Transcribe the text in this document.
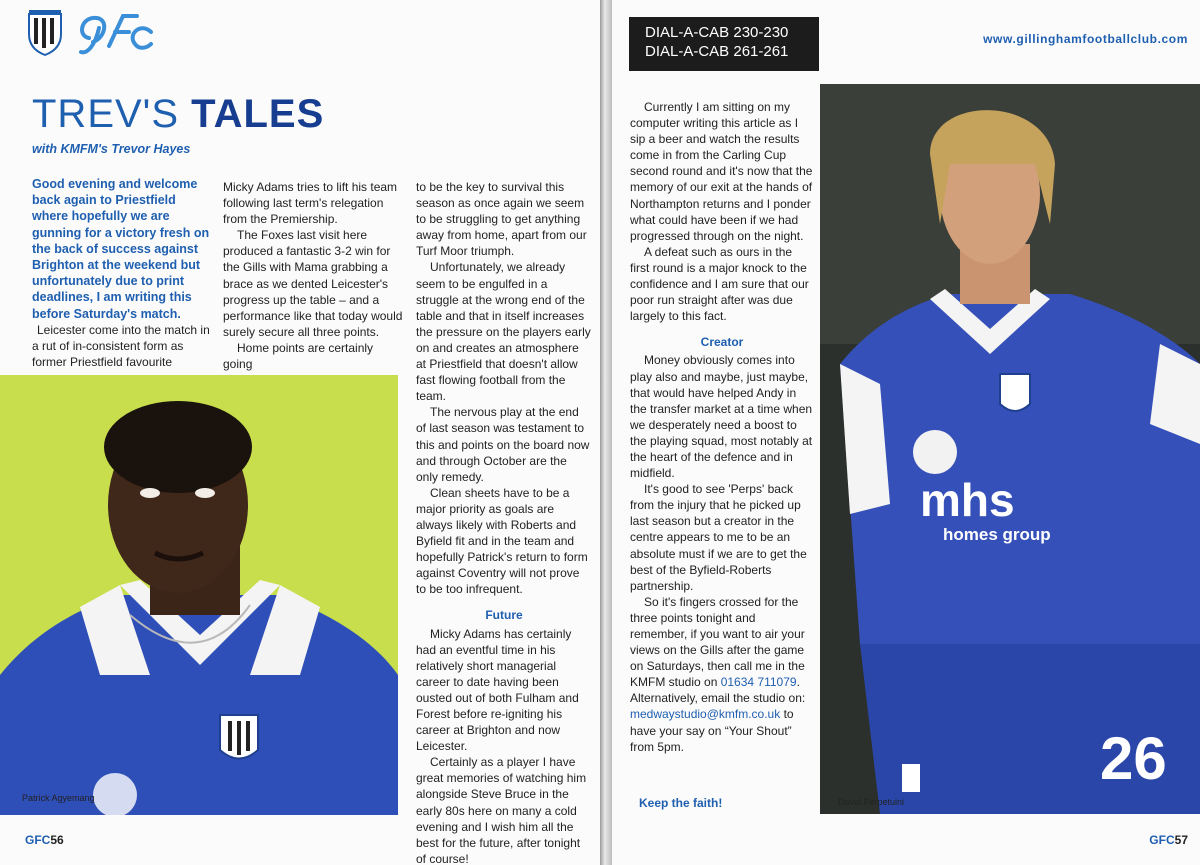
TREV'S TALES
with KMFM's Trevor Hayes

Good evening and welcome back again to Priestfield where hopefully we are gunning for a victory fresh on the back of success against Brighton at the weekend but unfortunately due to print deadlines, I am writing this before Saturday's match.

Leicester come into the match in a rut of in-consistent form as former Priestfield favourite

Micky Adams tries to lift his team following last term's relegation from the Premiership.

The Foxes last visit here produced a fantastic 3-2 win for the Gills with Mama grabbing a brace as we dented Leicester's progress up the table – and a performance like that today would surely secure all three points.

Home points are certainly going

to be the key to survival this season as once again we seem to be struggling to get anything away from home, apart from our Turf Moor triumph.

Unfortunately, we already seem to be engulfed in a struggle at the wrong end of the table and that in itself increases the pressure on the players early on and creates an atmosphere at Priestfield that doesn't allow fast flowing football from the team.

The nervous play at the end of last season was testament to this and points on the board now and through October are the only remedy.

Clean sheets have to be a major priority as goals are always likely with Roberts and Byfield fit and in the team and hopefully Patrick's return to form against Coventry will not prove to be too infrequent.

Future

Micky Adams has certainly had an eventful time in his relatively short managerial career to date having been ousted out of both Fulham and Forest before re-igniting his career at Brighton and now Leicester.

Certainly as a player I have great memories of watching him alongside Steve Bruce in the early 80s here on many a cold evening and I wish him all the best for the future, after tonight of course!

Patrick Agyemang
GFC56
DIAL-A-CAB 230-230
DIAL-A-CAB 261-261
www.gillinghamfootballclub.com

Currently I am sitting on my computer writing this article as I sip a beer and watch the results come in from the Carling Cup second round and it's now that the memory of our exit at the hands of Northampton returns and I ponder what could have been if we had progressed through on the night.

A defeat such as ours in the first round is a major knock to the confidence and I am sure that our poor run straight after was due largely to this fact.

Creator

Money obviously comes into play also and maybe, just maybe, that would have helped Andy in the transfer market at a time when we desperately need a boost to the playing squad, most notably at the heart of the defence and in midfield.

It's good to see 'Perps' back from the injury that he picked up last season but a creator in the centre appears to me to be an absolute must if we are to get the best of the Byfield-Roberts partnership.

So it's fingers crossed for the three points tonight and remember, if you want to air your views on the Gills after the game on Saturdays, then call me in the KMFM studio on 01634 711079. Alternatively, email the studio on: medwaystudio@kmfm.co.uk to have your say on “Your Shout” from 5pm.

Keep the faith!
mhs
homes group
26
David Perpetuini
GFC57
